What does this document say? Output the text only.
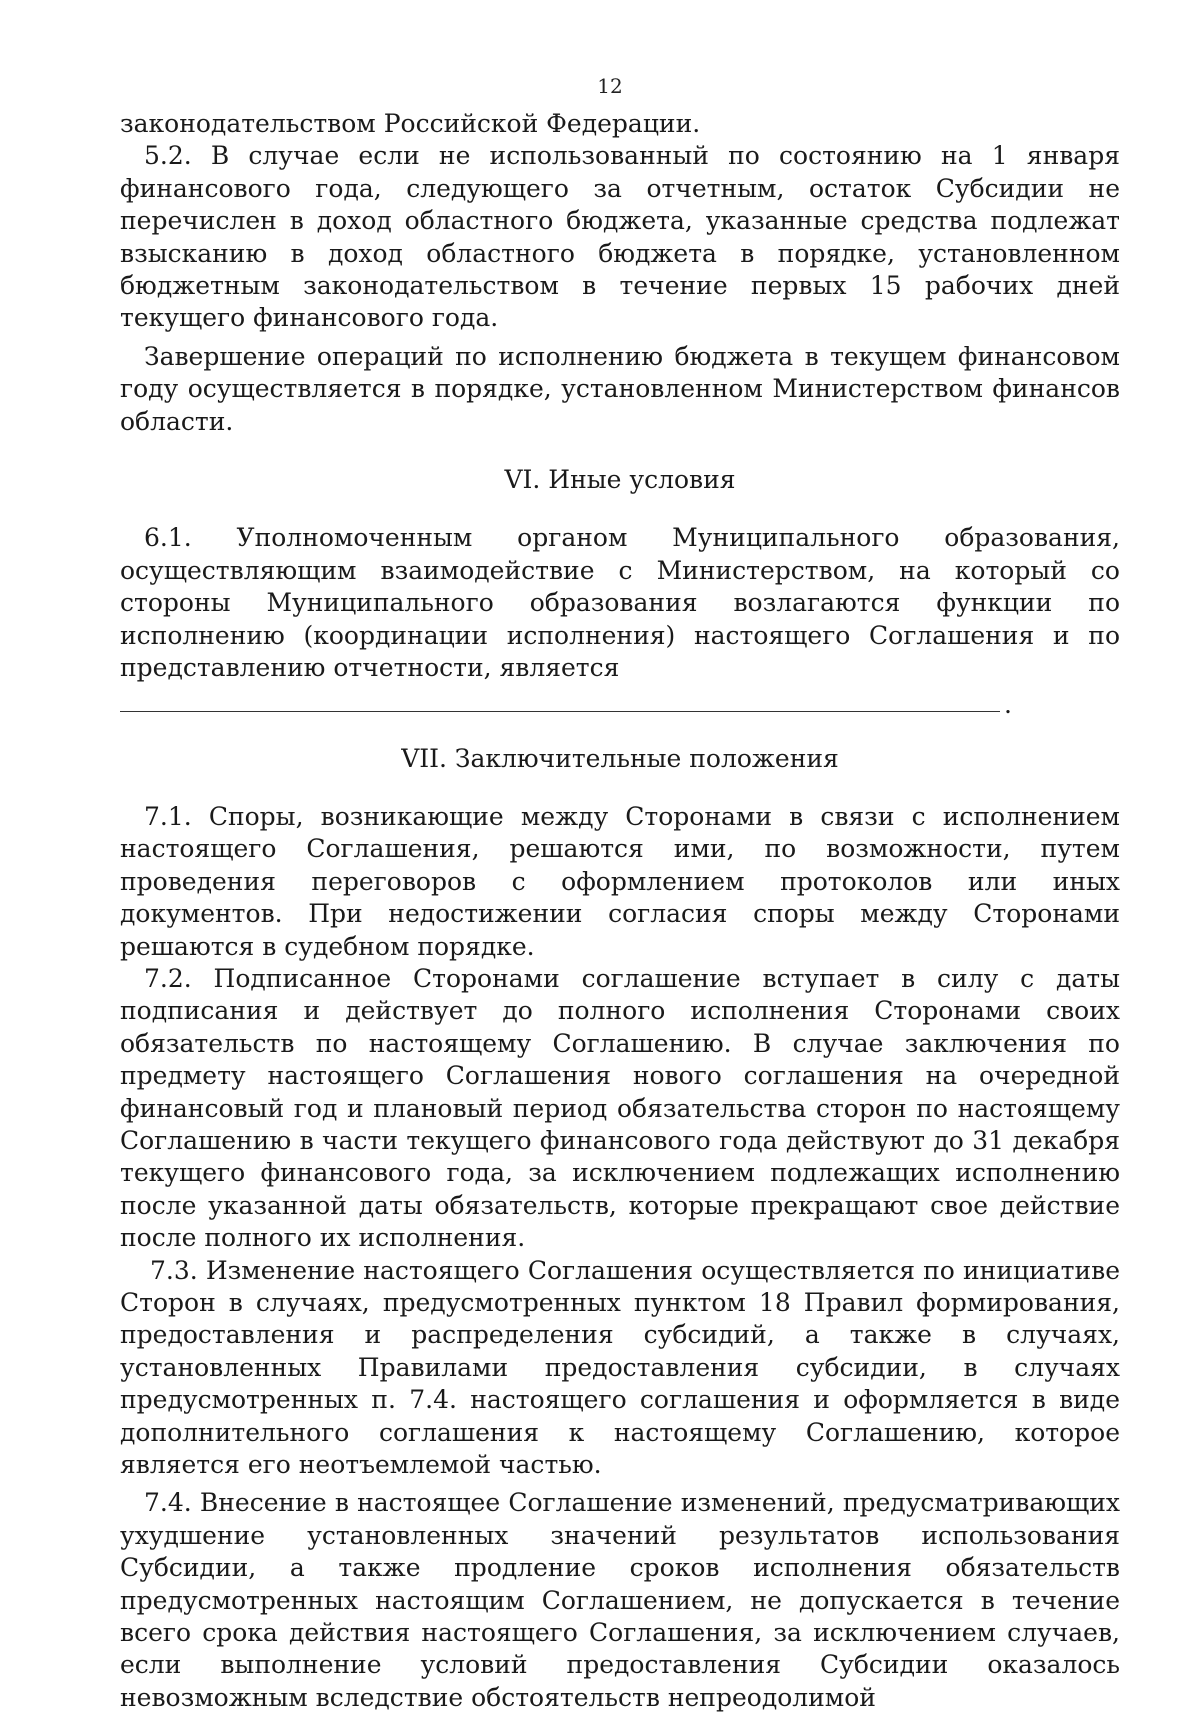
12

законодательством Российской Федерации.

5.2. В случае если не использованный по состоянию на 1 января финансового года, следующего за отчетным, остаток Субсидии не перечислен в доход областного бюджета, указанные средства подлежат взысканию в доход областного бюджета в порядке, установленном бюджетным законодательством в течение первых 15 рабочих дней текущего финансового года.

Завершение операций по исполнению бюджета в текущем финансовом году осуществляется в порядке, установленном Министерством финансов области.

VI. Иные условия

6.1. Уполномоченным органом Муниципального образования, осуществляющим взаимодействие с Министерством, на который со стороны Муниципального образования возлагаются функции по исполнению (координации исполнения) настоящего Соглашения и по представлению отчетности, является

.

VII. Заключительные положения

7.1. Споры, возникающие между Сторонами в связи с исполнением настоящего Соглашения, решаются ими, по возможности, путем проведения переговоров с оформлением протоколов или иных документов. При недостижении согласия споры между Сторонами решаются в судебном порядке.

7.2. Подписанное Сторонами соглашение вступает в силу с даты подписания и действует до полного исполнения Сторонами своих обязательств по настоящему Соглашению. В случае заключения по предмету настоящего Соглашения нового соглашения на очередной финансовый год и плановый период обязательства сторон по настоящему Соглашению в части текущего финансового года действуют до 31 декабря текущего финансового года, за исключением подлежащих исполнению после указанной даты обязательств, которые прекращают свое действие после полного их исполнения.

7.3. Изменение настоящего Соглашения осуществляется по инициативе Сторон в случаях, предусмотренных пунктом 18 Правил формирования, предоставления и распределения субсидий, а также в случаях, установленных Правилами предоставления субсидии, в случаях предусмотренных п. 7.4. настоящего соглашения и оформляется в виде дополнительного соглашения к настоящему Соглашению, которое является его неотъемлемой частью.

7.4. Внесение в настоящее Соглашение изменений, предусматривающих ухудшение установленных значений результатов использования Субсидии, а также продление сроков исполнения обязательств предусмотренных настоящим Соглашением, не допускается в течение всего срока действия настоящего Соглашения, за исключением случаев, если выполнение условий предоставления Субсидии оказалось невозможным вследствие обстоятельств непреодолимой
